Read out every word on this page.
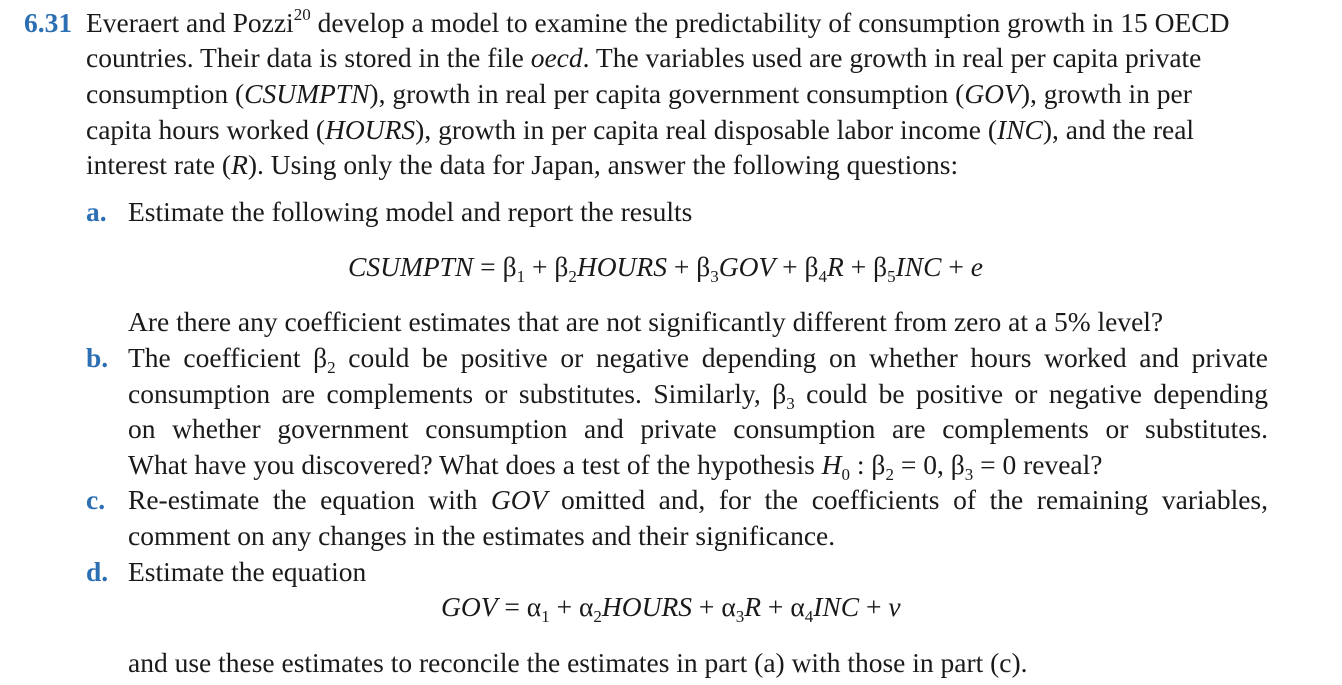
6.31 Everaert and Pozzi$^{20}$ develop a model to examine the predictability of consumption growth in 15 OECD
countries. Their data is stored in the file oecd. The variables used are growth in real per capita private
consumption (CSUMPTN), growth in real per capita government consumption (GOV), growth in per
capita hours worked (HOURS), growth in per capita real disposable labor income (INC), and the real
interest rate (R). Using only the data for Japan, answer the following questions:
a. Estimate the following model and report the results
CSUMPTN = $\beta_1$ + $\beta_2HOURS + \beta_3GOV + \beta_4R + \beta_5INC + e$
Are there any coefficient estimates that are not significantly different from zero at a 5% level?
b. The coefficient $\beta_2$ could be positive or negative depending on whether hours worked and private
consumption are complements or substitutes. Similarly, $\beta_3$ could be positive or negative depending
on whether government consumption and private consumption are complements or substitutes.
What have you discovered? What does a test of the hypothesis $H_0$ : $\beta_2 = 0$, $\beta_3 = 0$ reveal?
c. Re-estimate the equation with GOV omitted and, for the coefficients of the remaining variables,
comment on any changes in the estimates and their significance.
d. Estimate the equation
GOV = $\alpha_1$ + $\alpha_2HOURS + \alpha_3R + \alpha_4INC + v$
and use these estimates to reconcile the estimates in part (a) with those in part (c).
